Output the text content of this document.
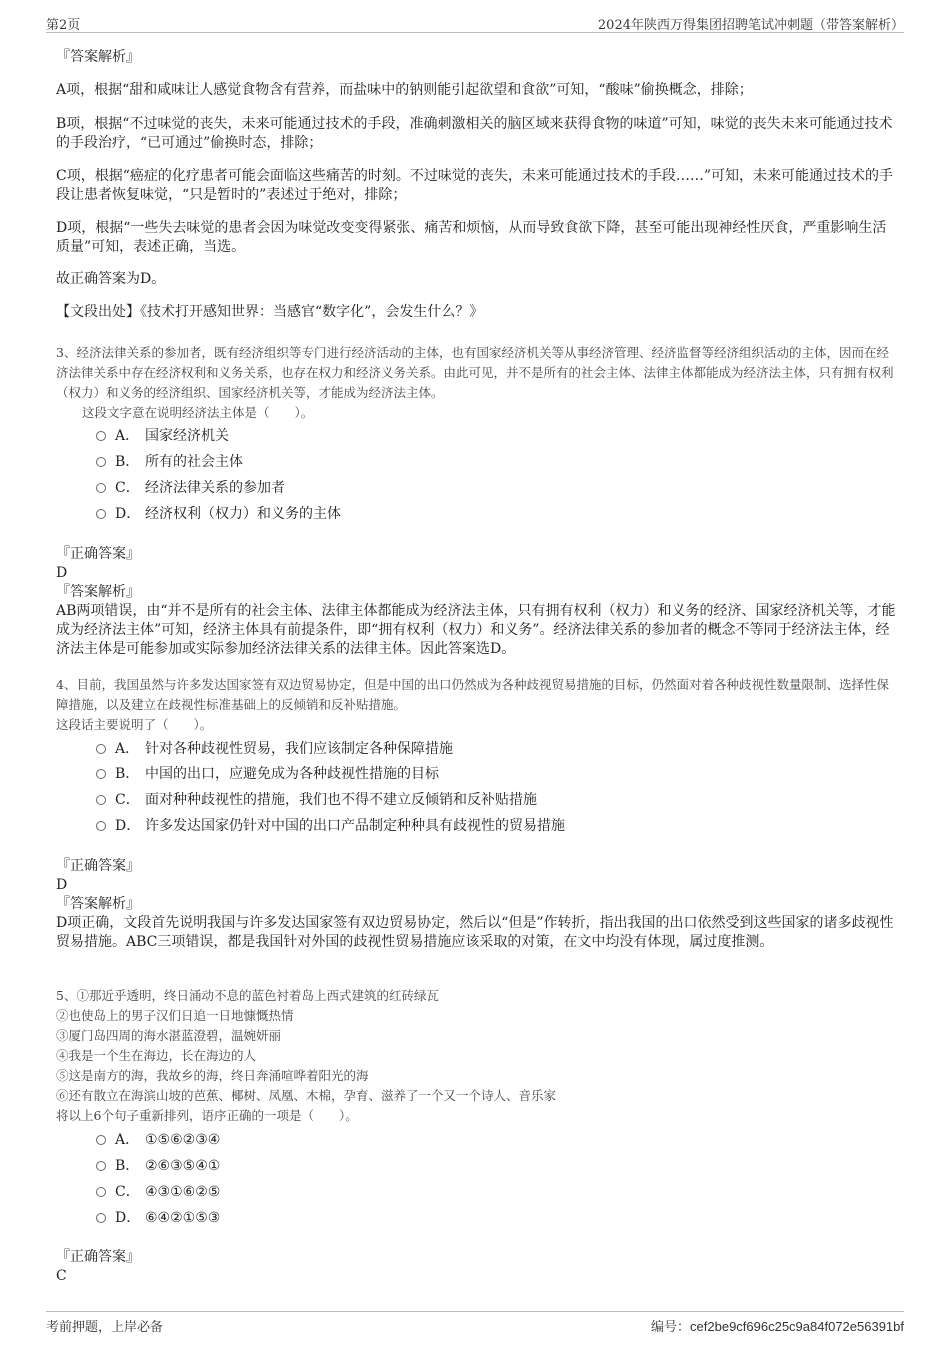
第2页	2024年陕西万得集团招聘笔试冲刺题（带答案解析）

『答案解析』

A项，根据“甜和咸味让人感觉食物含有营养，而盐味中的钠则能引起欲望和食欲”可知，“酸味”偷换概念，排除；

B项，根据“不过味觉的丧失，未来可能通过技术的手段，准确刺激相关的脑区域来获得食物的味道”可知，味觉的丧失未来可能通过技术的手段治疗，“已可通过”偷换时态，排除；

C项，根据“癌症的化疗患者可能会面临这些痛苦的时刻。不过味觉的丧失，未来可能通过技术的手段……”可知，未来可能通过技术的手段让患者恢复味觉，“只是暂时的”表述过于绝对，排除；

D项，根据“一些失去味觉的患者会因为味觉改变变得紧张、痛苦和烦恼，从而导致食欲下降，甚至可能出现神经性厌食，严重影响生活质量”可知，表述正确，当选。

故正确答案为D。

【文段出处】《技术打开感知世界：当感官“数字化”，会发生什么？》

3、经济法律关系的参加者，既有经济组织等专门进行经济活动的主体，也有国家经济机关等从事经济管理、经济监督等经济组织活动的主体，因而在经济法律关系中存在经济权利和义务关系，也存在权力和经济义务关系。由此可见，并不是所有的社会主体、法律主体都能成为经济法主体，只有拥有权利（权力）和义务的经济组织、国家经济机关等，才能成为经济法主体。

这段文字意在说明经济法主体是（　　）。

A． 国家经济机关
B． 所有的社会主体
C． 经济法律关系的参加者
D． 经济权利（权力）和义务的主体
『正确答案』
D
『答案解析』
AB两项错误，由“并不是所有的社会主体、法律主体都能成为经济法主体，只有拥有权利（权力）和义务的经济、国家经济机关等，才能成为经济法主体”可知，经济主体具有前提条件，即“拥有权利（权力）和义务”。经济法律关系的参加者的概念不等同于经济法主体，经济法主体是可能参加或实际参加经济法律关系的法律主体。因此答案选D。

4、目前，我国虽然与许多发达国家签有双边贸易协定，但是中国的出口仍然成为各种歧视贸易措施的目标，仍然面对着各种歧视性数量限制、选择性保障措施，以及建立在歧视性标准基础上的反倾销和反补贴措施。

这段话主要说明了（　　）。

A． 针对各种歧视性贸易，我们应该制定各种保障措施
B． 中国的出口，应避免成为各种歧视性措施的目标
C． 面对种种歧视性的措施，我们也不得不建立反倾销和反补贴措施
D． 许多发达国家仍针对中国的出口产品制定种种具有歧视性的贸易措施
『正确答案』
D
『答案解析』
D项正确，文段首先说明我国与许多发达国家签有双边贸易协定，然后以“但是”作转折，指出我国的出口依然受到这些国家的诸多歧视性贸易措施。ABC三项错误，都是我国针对外国的歧视性贸易措施应该采取的对策，在文中均没有体现，属过度推测。

5、①那近乎透明，终日涌动不息的蓝色衬着岛上西式建筑的红砖绿瓦

②也使岛上的男子汉们日追一日地慷慨热情

③厦门岛四周的海水湛蓝澄碧，温婉妍丽

④我是一个生在海边，长在海边的人

⑤这是南方的海，我故乡的海，终日奔涌喧哗着阳光的海

⑥还有散立在海滨山坡的芭蕉、椰树、凤凰、木棉，孕育、滋养了一个又一个诗人、音乐家

将以上6个句子重新排列，语序正确的一项是（　　）。

A． ①⑤⑥②③④
B． ②⑥③⑤④①
C． ④③①⑥②⑤
D． ⑥④②①⑤③
『正确答案』
C
考前押题，上岸必备	编号：cef2be9cf696c25c9a84f072e56391bf
